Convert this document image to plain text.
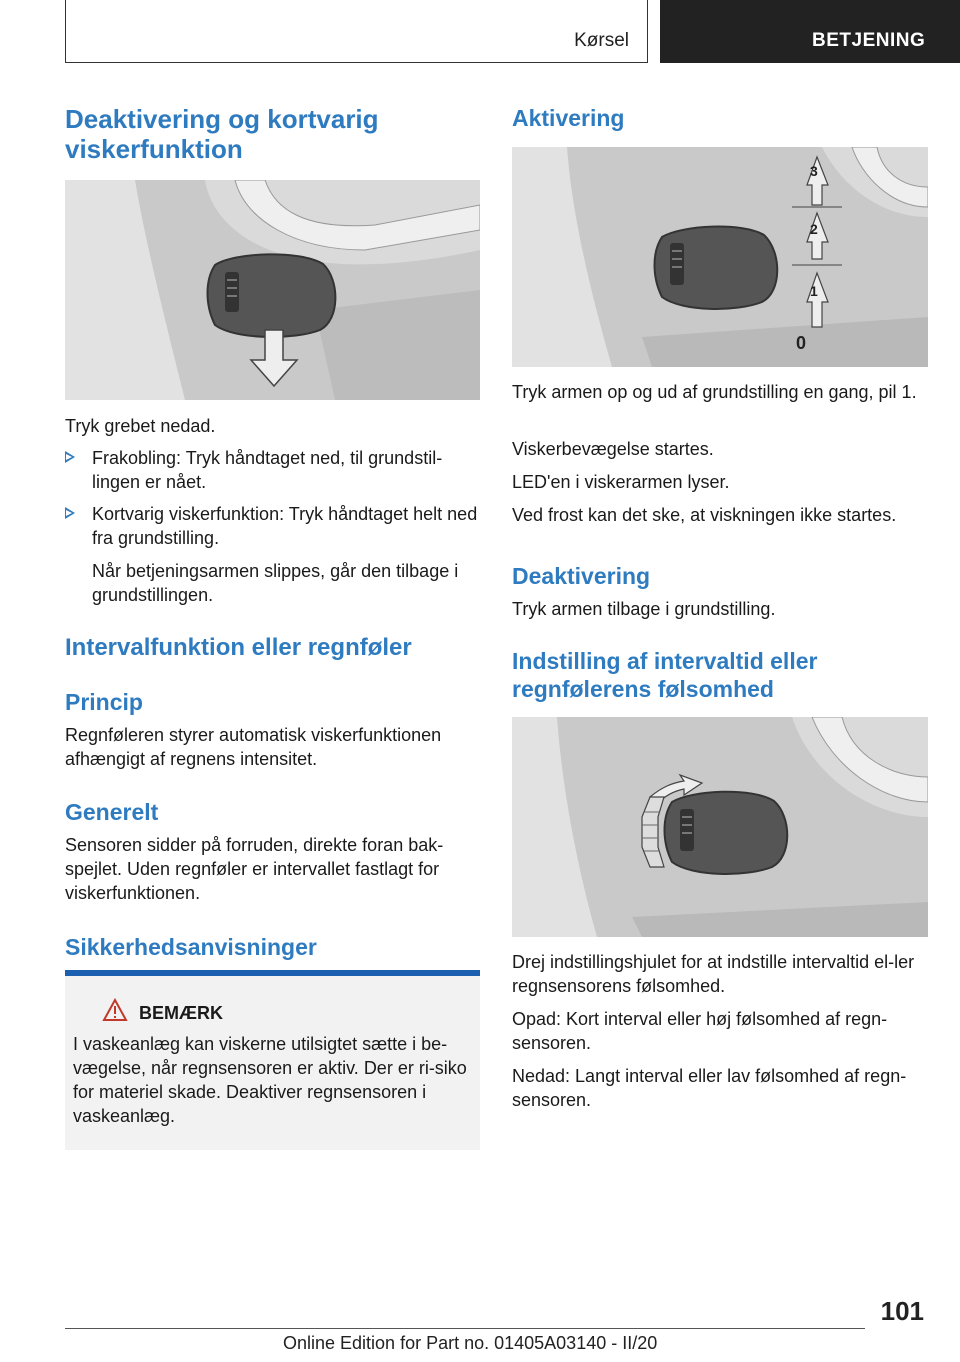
Kørsel	BETJENING
Deaktivering og kortvarig viskerfunktion

Tryk grebet nedad.

Frakobling: Tryk håndtaget ned, til grundstil-lingen er nået.
Kortvarig viskerfunktion: Tryk håndtaget helt ned fra grundstilling.
Når betjeningsarmen slippes, går den tilbage i grundstillingen.
Intervalfunktion eller regnføler
Princip

Regnføleren styrer automatisk viskerfunktionen afhængigt af regnens intensitet.

Generelt

Sensoren sidder på forruden, direkte foran bak-spejlet. Uden regnføler er intervallet fastlagt for viskerfunktionen.

Sikkerhedsanvisninger
BEMÆRK

I vaskeanlæg kan viskerne utilsigtet sætte i be-vægelse, når regnsensoren er aktiv. Der er ri-siko for materiel skade. Deaktiver regnsensoren i vaskeanlæg.

Aktivering
3
2
1
0

Tryk armen op og ud af grundstilling en gang, pil 1.

Viskerbevægelse startes.

LED'en i viskerarmen lyser.

Ved frost kan det ske, at viskningen ikke startes.

Deaktivering

Tryk armen tilbage i grundstilling.

Indstilling af intervaltid eller regnfølerens følsomhed

Drej indstillingshjulet for at indstille intervaltid el-ler regnsensorens følsomhed.

Opad: Kort interval eller høj følsomhed af regn-sensoren.

Nedad: Langt interval eller lav følsomhed af regn-sensoren.

101
Online Edition for Part no. 01405A03140 - II/20
